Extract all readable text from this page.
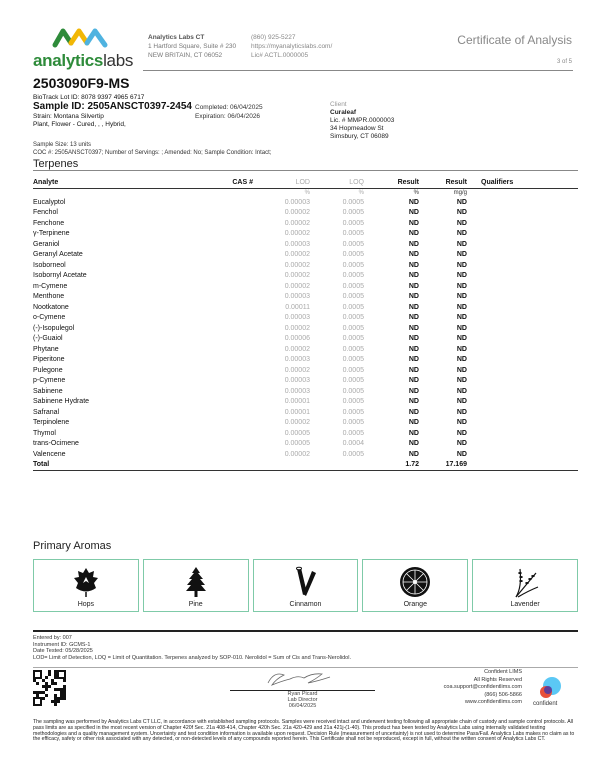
analyticslabs
Analytics Labs CT
1 Hartford Square, Suite # 230
NEW BRITAIN, CT 06052
(860) 925-5227
https://myanalyticslabs.com/
Lic# ACTL.0000005
Certificate of Analysis
3 of 5
2503090F9-MS
BioTrack Lot ID: 8078 9397 4965 6717
Sample ID: 2505ANSCT0397-2454
Strain: Montana Silvertip
Plant, Flower - Cured, , , Hybrid,
Completed: 06/04/2025
Expiration: 06/04/2026
Client
Curaleaf
Lic. # MMPR.0000003
34 Hopmeadow St
Simsbury, CT 06089
Sample Size: 13 units
COC #: 2505ANSCT0397; Number of Servings: ; Amended: No; Sample Condition: Intact;
Terpenes
Analyte	CAS #	LOD	LOQ	Result	Result	Qualifiers
		%	%	%	mg/g	
Eucalyptol		0.00003	0.0005	ND	ND	
Fenchol		0.00002	0.0005	ND	ND	
Fenchone		0.00002	0.0005	ND	ND	
γ-Terpinene		0.00002	0.0005	ND	ND	
Geraniol		0.00003	0.0005	ND	ND	
Geranyl Acetate		0.00002	0.0005	ND	ND	
Isoborneol		0.00002	0.0005	ND	ND	
Isobornyl Acetate		0.00002	0.0005	ND	ND	
m-Cymene		0.00002	0.0005	ND	ND	
Menthone		0.00003	0.0005	ND	ND	
Nootkatone		0.00011	0.0005	ND	ND	
o-Cymene		0.00003	0.0005	ND	ND	
(-)-Isopulegol		0.00002	0.0005	ND	ND	
(-)-Guaiol		0.00006	0.0005	ND	ND	
Phytane		0.00002	0.0005	ND	ND	
Piperitone		0.00003	0.0005	ND	ND	
Pulegone		0.00002	0.0005	ND	ND	
p-Cymene		0.00003	0.0005	ND	ND	
Sabinene		0.00003	0.0005	ND	ND	
Sabinene Hydrate		0.00001	0.0005	ND	ND	
Safranal		0.00001	0.0005	ND	ND	
Terpinolene		0.00002	0.0005	ND	ND	
Thymol		0.00005	0.0005	ND	ND	
trans-Ocimene		0.00005	0.0004	ND	ND	
Valencene		0.00002	0.0005	ND	ND	
Total				1.72	17.169	
Primary Aromas
Hops	Pine	Cinnamon	Orange	Lavender
Entered by: 007
Instrument ID: GCMS-1
Date Tested: 05/28/2025
LOD= Limit of Detection, LOQ = Limit of Quantitation. Terpenes analyzed by SOP-010. Nerolidol = Sum of Cis and Trans-Nerolidol.
Ryan Picard
Lab Director
06/04/2025
Confident LIMS
All Rights Reserved
coa.support@confidentlims.com
(866) 506-5866
www.confidentlims.com confident
The sampling was performed by Analytics Labs CT LLC, in accordance with established sampling protocols. Samples were received intact and underwent testing following all appropriate chain of custody and sample control protocols. All pass limits are as specified in the most recent version of Chapter 420f Sec. 21a 408-414, Chapter 420h Sec. 21a 420-429 and 21a 421j-(1-40). This product has been tested by Analytics Labs using internally validated testing methodologies and a quality management system. Uncertainty and test condition information is available upon request. Decision Rule (measurement of uncertainty) is not used to determine Pass/Fail. Analytics Labs makes no claim as to the efficacy, safety or other risk associated with any detected, or non-detected levels of any compounds reported herein. This Certificate shall not be reproduced, except in full, without the written consent of Analytics Labs CT.
